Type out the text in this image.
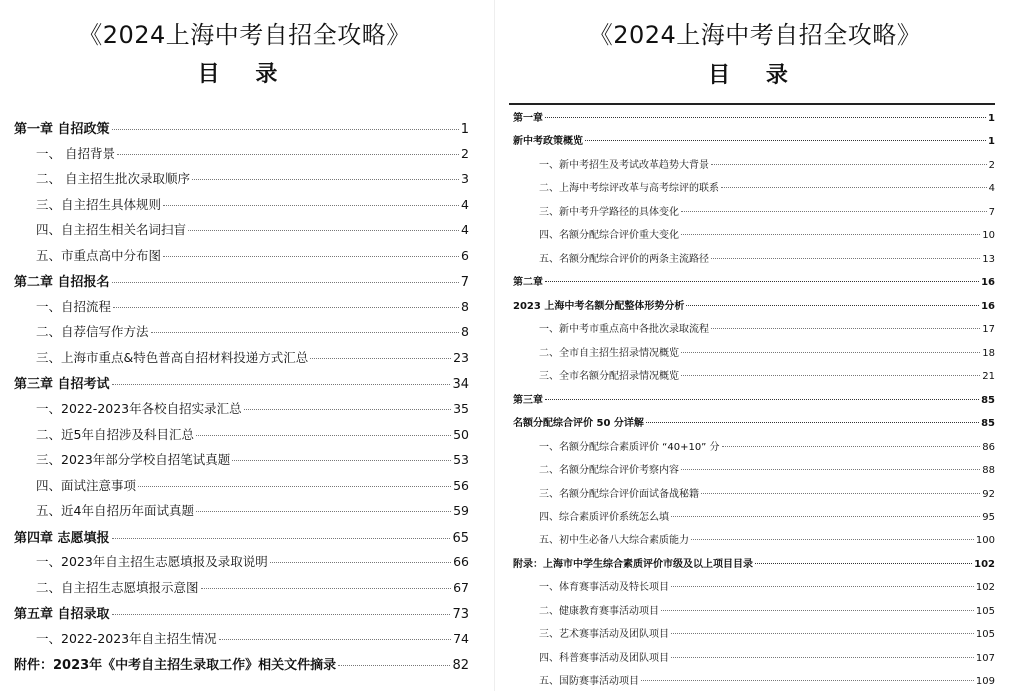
《2024上海中考自招全攻略》
目 录
第一章 自招政策	1
一、 自招背景	2
二、 自主招生批次录取顺序	3
三、自主招生具体规则	4
四、自主招生相关名词扫盲	4
五、市重点高中分布图	6
第二章 自招报名	7
一、自招流程	8
二、自荐信写作方法	8
三、上海市重点&特色普高自招材料投递方式汇总	23
第三章 自招考试	34
一、2022-2023年各校自招实录汇总	35
二、近5年自招涉及科目汇总	50
三、2023年部分学校自招笔试真题	53
四、面试注意事项	56
五、近4年自招历年面试真题	59
第四章 志愿填报	65
一、2023年自主招生志愿填报及录取说明	66
二、自主招生志愿填报示意图	67
第五章 自招录取	73
一、2022-2023年自主招生情况	74
附件：2023年《中考自主招生录取工作》相关文件摘录	82
《2024上海中考自招全攻略》
目 录
第一章	1
新中考政策概览	1
一、新中考招生及考试改革趋势大背景	2
二、上海中考综评改革与高考综评的联系	4
三、新中考升学路径的具体变化	7
四、名额分配综合评价重大变化	10
五、名额分配综合评价的两条主流路径	13
第二章	16
2023 上海中考名额分配整体形势分析	16
一、新中考市重点高中各批次录取流程	17
二、全市自主招生招录情况概览	18
三、全市名额分配招录情况概览	21
第三章	85
名额分配综合评价 50 分详解	85
一、名额分配综合素质评价 “40+10” 分	86
二、名额分配综合评价考察内容	88
三、名额分配综合评价面试备战秘籍	92
四、综合素质评价系统怎么填	95
五、初中生必备八大综合素质能力	100
附录：上海市中学生综合素质评价市级及以上项目目录	102
一、体育赛事活动及特长项目	102
二、健康教育赛事活动项目	105
三、艺术赛事活动及团队项目	105
四、科普赛事活动及团队项目	107
五、国防赛事活动项目	109
